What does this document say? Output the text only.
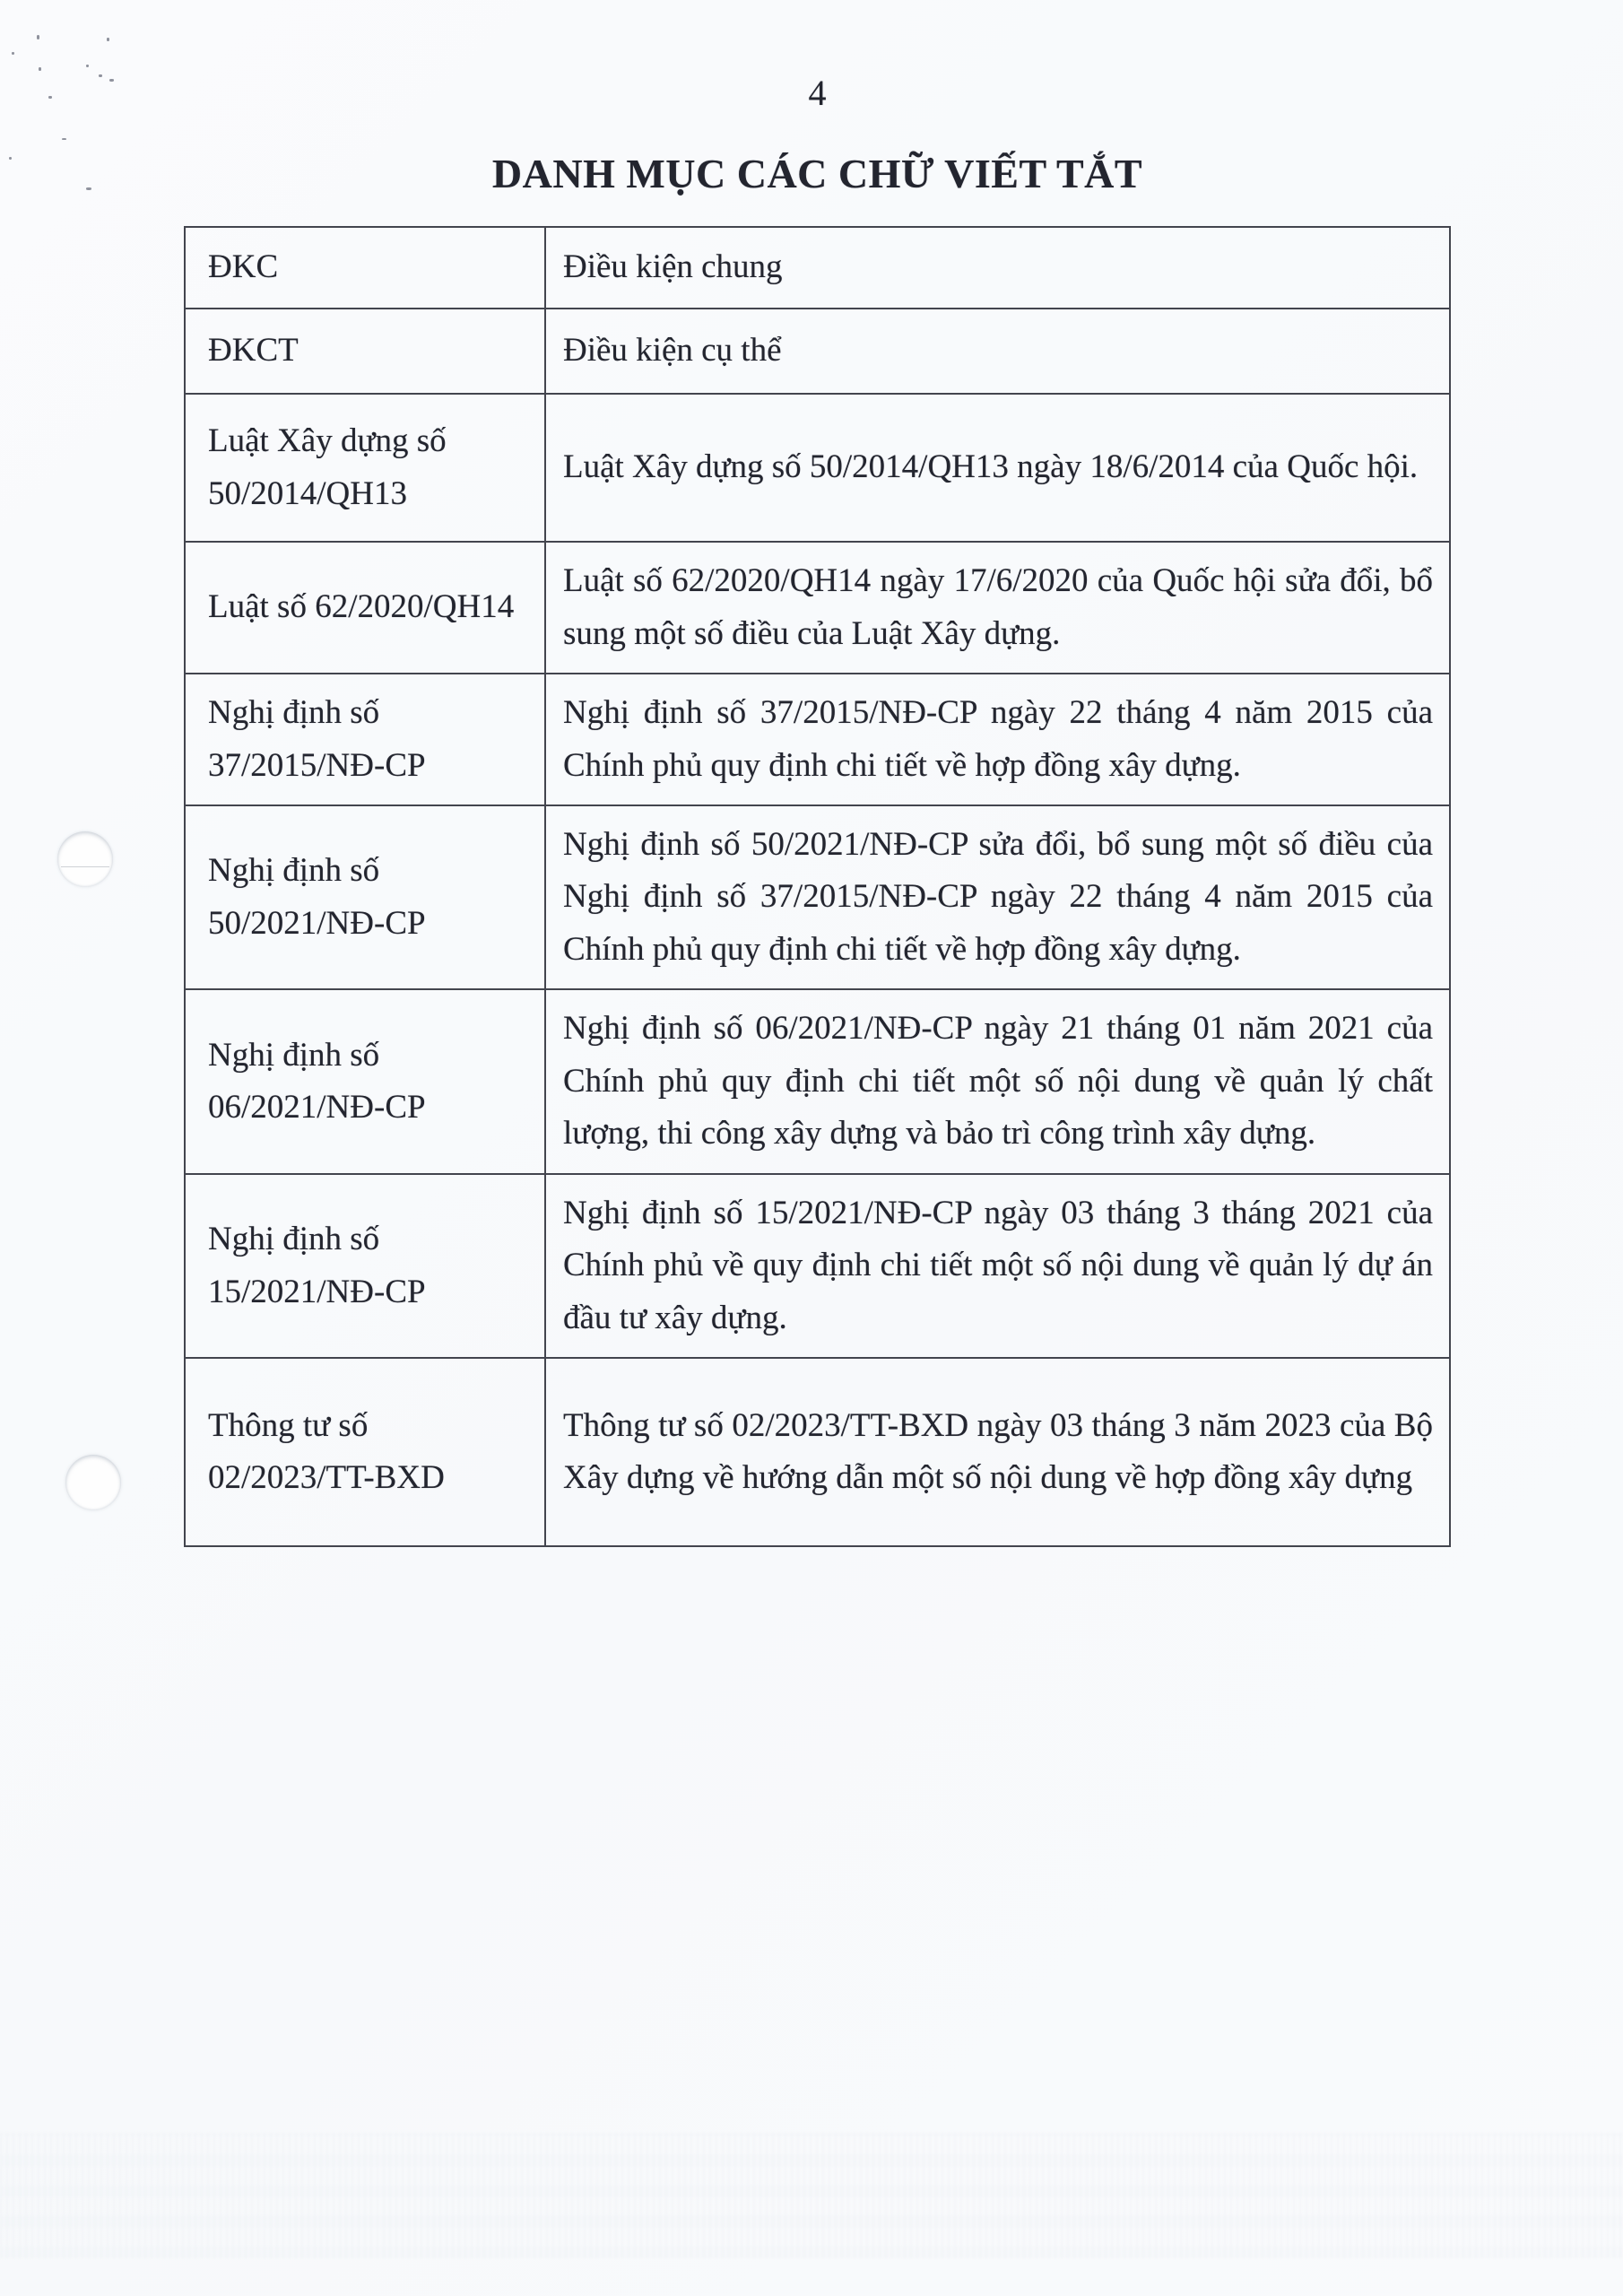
4
DANH MỤC CÁC CHỮ VIẾT TẮT
ĐKC	Điều kiện chung
ĐKCT	Điều kiện cụ thể
Luật Xây dựng số 50/2014/QH13	Luật Xây dựng số 50/2014/QH13 ngày 18/6/2014 của Quốc hội.
Luật số 62/2020/QH14	Luật số 62/2020/QH14 ngày 17/6/2020 của Quốc hội sửa đổi, bổ sung một số điều của Luật Xây dựng.
Nghị định số 37/2015/NĐ-CP	Nghị định số 37/2015/NĐ-CP ngày 22 tháng 4 năm 2015 của Chính phủ quy định chi tiết về hợp đồng xây dựng.
Nghị định số 50/2021/NĐ-CP	Nghị định số 50/2021/NĐ-CP sửa đổi, bổ sung một số điều của Nghị định số 37/2015/NĐ-CP ngày 22 tháng 4 năm 2015 của Chính phủ quy định chi tiết về hợp đồng xây dựng.
Nghị định số 06/2021/NĐ-CP	Nghị định số 06/2021/NĐ-CP ngày 21 tháng 01 năm 2021 của Chính phủ quy định chi tiết một số nội dung về quản lý chất lượng, thi công xây dựng và bảo trì công trình xây dựng.
Nghị định số 15/2021/NĐ-CP	Nghị định số 15/2021/NĐ-CP ngày 03 tháng 3 tháng 2021 của Chính phủ về quy định chi tiết một số nội dung về quản lý dự án đầu tư xây dựng.
Thông tư số 02/2023/TT-BXD	Thông tư số 02/2023/TT-BXD ngày 03 tháng 3 năm 2023 của Bộ Xây dựng về hướng dẫn một số nội dung về hợp đồng xây dựng
